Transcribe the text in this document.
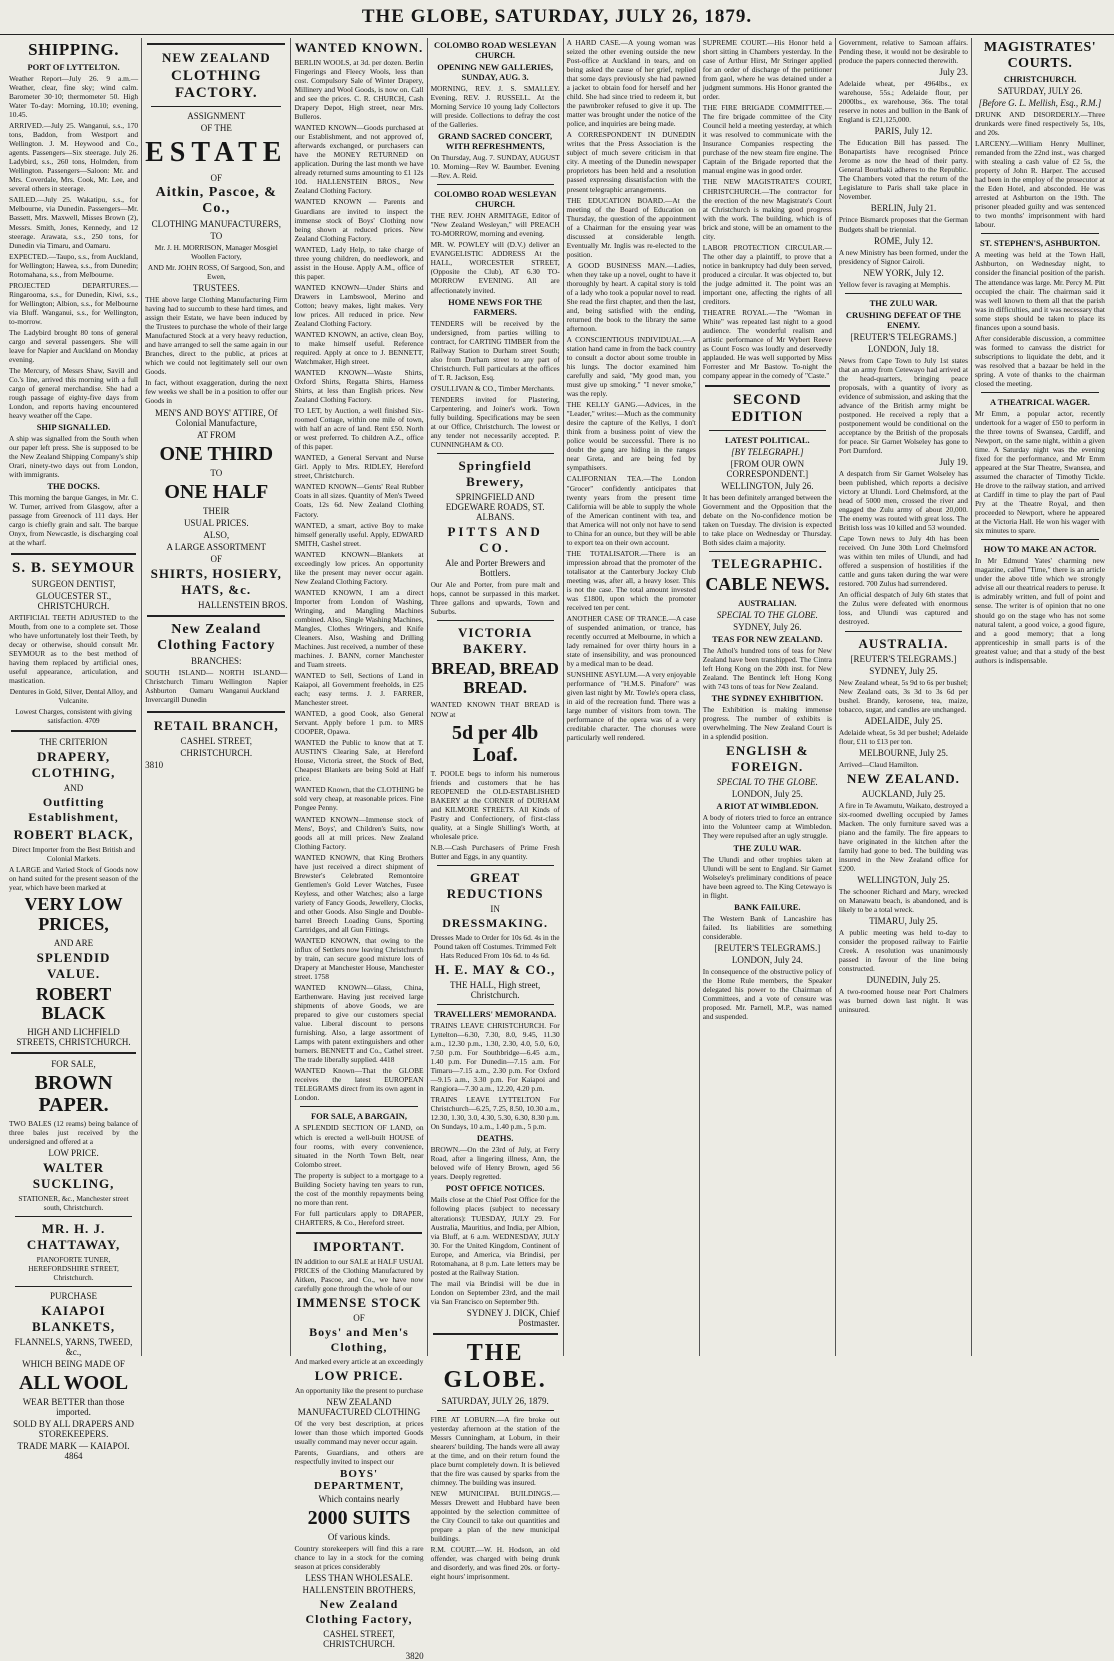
THE GLOBE, SATURDAY, JULY 26, 1879.
SHIPPING.
PORT OF LYTTELTON.

Weather Report—July 26. 9 a.m.—Weather, clear, fine sky; wind calm. Barometer 30·10; thermometer 50. High Water To-day: Morning, 10.10; evening, 10.45.

ARRIVED.—July 25. Wanganui, s.s., 170 tons, Baddon, from Westport and Wellington. J. M. Heywood and Co., agents. Passengers—Six steerage. July 26. Ladybird, s.s., 260 tons, Holmden, from Wellington. Passengers—Saloon: Mr. and Mrs. Coverdale, Mrs. Cook, Mr. Lee, and several others in steerage.

SAILED.—July 25. Wakatipu, s.s., for Melbourne, via Dunedin. Passengers—Mr. Bassett, Mrs. Maxwell, Misses Brown (2), Messrs. Smith, Jones, Kennedy, and 12 steerage. Arawata, s.s., 250 tons, for Dunedin via Timaru, and Oamaru.

EXPECTED.—Taupo, s.s., from Auckland, for Wellington; Hawea, s.s., from Dunedin; Rotomahana, s.s., from Melbourne.

PROJECTED DEPARTURES.—Ringarooma, s.s., for Dunedin, Kiwi, s.s., for Wellington; Albion, s.s., for Melbourne via Bluff. Wanganui, s.s., for Wellington, to-morrow.

The Ladybird brought 80 tons of general cargo and several passengers. She will leave for Napier and Auckland on Monday evening.

The Mercury, of Messrs Shaw, Savill and Co.'s line, arrived this morning with a full cargo of general merchandise. She had a rough passage of eighty-five days from London, and reports having encountered heavy weather off the Cape.

SHIP SIGNALLED.

A ship was signalled from the South when our paper left press. She is supposed to be the New Zealand Shipping Company's ship Orari, ninety-two days out from London, with immigrants.

THE DOCKS.

This morning the barque Ganges, in Mr. C. W. Turner, arrived from Glasgow, after a passage from Greenock of 111 days. Her cargo is chiefly grain and salt. The barque Onyx, from Newcastle, is discharging coal at the wharf.

S. B. SEYMOUR
SURGEON DENTIST,
GLOUCESTER ST., CHRISTCHURCH.

ARTIFICIAL TEETH ADJUSTED to the Mouth, from one to a complete set. Those who have unfortunately lost their Teeth, by decay or otherwise, should consult Mr. SEYMOUR as to the best method of having them replaced by artificial ones, useful appearance, articulation, and mastication.

Dentures in Gold, Silver, Dental Alloy, and Vulcanite.

Lowest Charges, consistent with giving satisfaction. 4709

THE CRITERION
DRAPERY, CLOTHING,
AND
Outfitting Establishment,
ROBERT BLACK,

Direct Importer from the Best British and Colonial Markets.

A LARGE and Varied Stock of Goods now on hand suited for the present season of the year, which have been marked at

VERY LOW PRICES,
AND ARE
SPLENDID VALUE.
ROBERT BLACK
HIGH AND LICHFIELD STREETS, CHRISTCHURCH.
FOR SALE,
BROWN PAPER.

TWO BALES (12 reams) being balance of three bales just received by the undersigned and offered at a

LOW PRICE.
WALTER SUCKLING,

STATIONER, &c., Manchester street south, Christchurch.

MR. H. J. CHATTAWAY,

PIANOFORTE TUNER, HEREFORDSHIRE STREET, Christchurch.

PURCHASE
KAIAPOI BLANKETS,
FLANNELS, YARNS, TWEED, &c.,
WHICH BEING MADE OF
ALL WOOL
WEAR BETTER than those imported.
SOLD BY ALL DRAPERS AND STOREKEEPERS.
TRADE MARK — KAIAPOI. 4864
NEW ZEALAND
CLOTHING FACTORY.
ASSIGNMENT
OF THE
ESTATE
OF
Aitkin, Pascoe, & Co.,
CLOTHING MANUFACTURERS,
TO

Mr. J. H. MORRISON, Manager Mosgiel Woollen Factory,

AND Mr. JOHN ROSS, Of Sargood, Son, and Ewen,

TRUSTEES.

THE above large Clothing Manufacturing Firm having had to succumb to these hard times, and assign their Estate, we have been induced by the Trustees to purchase the whole of their large Manufactured Stock at a very heavy reduction, and have arranged to sell the same again in our Branches, direct to the public, at prices at which we could not legitimately sell our own Goods.

In fact, without exaggeration, during the next few weeks we shall be in a position to offer our Goods in

MEN'S AND BOYS' ATTIRE, Of Colonial Manufacture,
AT FROM
ONE THIRD
TO
ONE HALF
THEIR
USUAL PRICES.
ALSO,
A LARGE ASSORTMENT
OF
SHIRTS, HOSIERY, HATS, &c.
HALLENSTEIN BROS.
New Zealand Clothing Factory
BRANCHES:

SOUTH ISLAND— Christchurch Timaru Ashburton Oamaru Invercargill Dunedin

NORTH ISLAND— Wellington Napier Wanganui Auckland

RETAIL BRANCH,
CASHEL STREET,
CHRISTCHURCH.
3810
WANTED KNOWN.

BERLIN WOOLS, at 3d. per dozen. Berlin Fingerings and Fleecy Wools, less than cost. Compulsory Sale of Winter Drapery, Millinery and Wool Goods, is now on. Call and see the prices. C. R. CHURCH, Cash Drapery Depot, High street, near Mrs. Bulleros.

WANTED KNOWN—Goods purchased at our Establishment, and not approved of, afterwards exchanged, or purchasers can have the MONEY RETURNED on application. During the last month we have already returned sums amounting to £1 12s 10d. HALLENSTEIN BROS., New Zealand Clothing Factory.

WANTED KNOWN — Parents and Guardians are invited to inspect the immense stock of Boys' Clothing now being shown at reduced prices. New Zealand Clothing Factory.

WANTED, Lady Help, to take charge of three young children, do needlework, and assist in the House. Apply A.M., office of this paper.

WANTED KNOWN—Under Shirts and Drawers in Lambswool, Merino and Cotton; heavy makes, light makes. Very low prices. All reduced in price. New Zealand Clothing Factory.

WANTED KNOWN, an active, clean Boy, to make himself useful. Reference required. Apply at once to J. BENNETT, Watchmaker, High street.

WANTED KNOWN—Waste Shirts, Oxford Shirts, Regatta Shirts, Harness Shirts, at less than English prices. New Zealand Clothing Factory.

TO LET, by Auction, a well finished Six-roomed Cottage, within one mile of town, with half an acre of land. Rent £50. North or west preferred. To children A.Z., office of this paper.

WANTED, a General Servant and Nurse Girl. Apply to Mrs. RIDLEY, Hereford street, Christchurch.

WANTED KNOWN—Gents' Real Rubber Coats in all sizes. Quantity of Men's Tweed Coats, 12s 6d. New Zealand Clothing Factory.

WANTED, a smart, active Boy to make himself generally useful. Apply, EDWARD SMITH, Cashel street.

WANTED KNOWN—Blankets at exceedingly low prices. An opportunity like the present may never occur again. New Zealand Clothing Factory.

WANTED KNOWN, I am a direct Importer from London of Washing, Wringing, and Mangling Machines combined. Also, Single Washing Machines, Mangles, Clothes Wringers, and Knife Cleaners. Also, Washing and Drilling Machines. Just received, a number of these machines. J. BANN, corner Manchester and Tuam streets.

WANTED to Sell, Sections of Land in Kaiapoi, all Government freeholds, in £25 each; easy terms. J. J. FARRER, Manchester street.

WANTED, a good Cook, also General Servant. Apply before 1 p.m. to MRS COOPER, Opawa.

WANTED the Public to know that at T. AUSTIN'S Clearing Sale, at Hereford House, Victoria street, the Stock of Bed, Cheapest Blankets are being Sold at Half price.

WANTED Known, that the CLOTHING be sold very cheap, at reasonable prices. Fine Pongee Penny.

WANTED KNOWN—Immense stock of Mens', Boys', and Children's Suits, now goods all at mill prices. New Zealand Clothing Factory.

WANTED KNOWN, that King Brothers have just received a direct shipment of Brewster's Celebrated Remontoire Gentlemen's Gold Lever Watches, Fusee Keyless, and other Watches; also a large variety of Fancy Goods, Jewellery, Clocks, and other Goods. Also Single and Double-barrel Breech Loading Guns, Sporting Cartridges, and all Gun Fittings.

WANTED KNOWN, that owing to the influx of Settlers now leaving Christchurch by train, can secure good mixture lots of Drapery at Manchester House, Manchester street. 1758

WANTED KNOWN—Glass, China, Earthenware. Having just received large shipments of above Goods, we are prepared to give our customers special value. Liberal discount to persons furnishing. Also, a large assortment of Lamps with patent extinguishers and other burners. BENNETT and Co., Cathel street. The trade liberally supplied. 4418

WANTED Known—That the GLOBE receives the latest EUROPEAN TELEGRAMS direct from its own agent in London.

FOR SALE, A BARGAIN,

A SPLENDID SECTION OF LAND, on which is erected a well-built HOUSE of four rooms, with every convenience, situated in the North Town Belt, near Colombo street.

The property is subject to a mortgage to a Building Society having ten years to run, the cost of the monthly repayments being no more than rent.

For full particulars apply to DRAPER, CHARTERS, & Co., Hereford street.

IMPORTANT.

IN addition to our SALE at HALF USUAL PRICES of the Clothing Manufactured by Aitken, Pascoe, and Co., we have now carefully gone through the whole of our

IMMENSE STOCK
OF
Boys' and Men's Clothing,

And marked every article at an exceedingly

LOW PRICE.

An opportunity like the present to purchase

NEW ZEALAND MANUFACTURED CLOTHING

Of the very best description, at prices lower than those which imported Goods usually command may never occur again.

Parents, Guardians, and others are respectfully invited to inspect our

BOYS' DEPARTMENT,
Which contains nearly
2000 SUITS
Of various kinds.

Country storekeepers will find this a rare chance to lay in a stock for the coming season at prices considerably

LESS THAN WHOLESALE.
HALLENSTEIN BROTHERS,
New Zealand Clothing Factory,
CASHEL STREET, CHRISTCHURCH.
3820
COLOMBO ROAD WESLEYAN CHURCH.
OPENING NEW GALLERIES, SUNDAY, AUG. 3.

MORNING, REV. J. S. SMALLEY. Evening, REV. J. RUSSELL. At the Morning Service 10 young lady Collectors will preside. Collections to defray the cost of the Galleries.

GRAND SACRED CONCERT, WITH REFRESHMENTS,

On Thursday, Aug. 7. SUNDAY, AUGUST 10. Morning—Rev W. Baumber. Evening—Rev. A. Reid.

COLOMBO ROAD WESLEYAN CHURCH.

THE REV. JOHN ARMITAGE, Editor of "New Zealand Wesleyan," will PREACH TO-MORROW, morning and evening.

MR. W. POWLEY will (D.V.) deliver an EVANGELISTIC ADDRESS At the HALL, WORCESTER STREET, (Opposite the Club), AT 6.30 TO-MORROW EVENING. All are affectionately invited.

HOME NEWS FOR THE FARMERS.

TENDERS will be received by the undersigned, from parties willing to contract, for CARTING TIMBER from the Railway Station to Durham street South; also from Durham street to any part of Christchurch. Full particulars at the offices of T. R. Jackson, Esq.

O'SULLIVAN & CO., Timber Merchants.

TENDERS invited for Plastering, Carpentering, and Joiner's work. Town fully building. Specifications may be seen at our Office, Christchurch. The lowest or any tender not necessarily accepted. P. CUNNINGHAM & CO.

Springfield Brewery,
SPRINGFIELD AND EDGEWARE ROADS, ST. ALBANS.
PITTS AND CO.
Ale and Porter Brewers and Bottlers.

Our Ale and Porter, from pure malt and hops, cannot be surpassed in this market. Three gallons and upwards, Town and Suburbs.

VICTORIA BAKERY.
BREAD, BREAD BREAD.

WANTED KNOWN THAT BREAD is NOW at

5d per 4lb Loaf.

T. POOLE begs to inform his numerous friends and customers that he has REOPENED the OLD-ESTABLISHED BAKERY at the CORNER of DURHAM and KILMORE STREETS. All Kinds of Pastry and Confectionery, of first-class quality, at a Single Shilling's Worth, at wholesale price.

N.B.—Cash Purchasers of Prime Fresh Butter and Eggs, in any quantity.

GREAT REDUCTIONS
IN
DRESSMAKING.

Dresses Made to Order for 10s 6d. 4s in the Pound taken off Costumes. Trimmed Felt Hats Reduced From 10s 6d. to 4s 6d.

H. E. MAY & CO.,
THE HALL, High street, Christchurch.
TRAVELLERS' MEMORANDA.

TRAINS LEAVE CHRISTCHURCH. For Lyttelton—6.30, 7.30, 8.0, 9.45, 11.30 a.m., 12.30 p.m., 1.30, 2.30, 4.0, 5.0, 6.0, 7.50 p.m. For Southbridge—6.45 a.m., 1.40 p.m. For Dunedin—7.15 a.m. For Timaru—7.15 a.m., 2.30 p.m. For Oxford—9.15 a.m., 3.30 p.m. For Kaiapoi and Rangiora—7.30 a.m., 12.20, 4.20 p.m.

TRAINS LEAVE LYTTELTON For Christchurch—6.25, 7.25, 8.50, 10.30 a.m., 12.30, 1.30, 3.0, 4.30, 5.30, 6.30, 8.30 p.m. On Sundays, 10 a.m., 1.40 p.m., 5 p.m.

DEATHS.

BROWN.—On the 23rd of July, at Ferry Road, after a lingering illness, Ann, the beloved wife of Henry Brown, aged 56 years. Deeply regretted.

POST OFFICE NOTICES.

Mails close at the Chief Post Office for the following places (subject to necessary alterations): TUESDAY, JULY 29. For Australia, Mauritius, and India, per Albion, via Bluff, at 6 a.m. WEDNESDAY, JULY 30. For the United Kingdom, Continent of Europe, and America, via Brindisi, per Rotomahana, at 8 p.m. Late letters may be posted at the Railway Station.

The mail via Brindisi will be due in London on September 23rd, and the mail via San Francisco on September 9th.

SYDNEY J. DICK, Chief Postmaster.
THE GLOBE.
SATURDAY, JULY 26, 1879.

FIRE AT LOBURN.—A fire broke out yesterday afternoon at the station of the Messrs Cunningham, at Loburn, in their shearers' building. The hands were all away at the time, and on their return found the place burnt completely down. It is believed that the fire was caused by sparks from the chimney. The building was insured.

NEW MUNICIPAL BUILDINGS.—Messrs Drewett and Hubbard have been appointed by the selection committee of the City Council to take out quantities and prepare a plan of the new municipal buildings.

R.M. COURT.—W. H. Hodson, an old offender, was charged with being drunk and disorderly, and was fined 20s. or forty-eight hours' imprisonment.

A HARD CASE.—A young woman was seized the other evening outside the new Post-office at Auckland in tears, and on being asked the cause of her grief, replied that some days previously she had pawned a jacket to obtain food for herself and her child. She had since tried to redeem it, but the pawnbroker refused to give it up. The matter was brought under the notice of the police, and inquiries are being made.

A CORRESPONDENT IN DUNEDIN writes that the Press Association is the subject of much severe criticism in that city. A meeting of the Dunedin newspaper proprietors has been held and a resolution passed expressing dissatisfaction with the present telegraphic arrangements.

THE EDUCATION BOARD.—At the meeting of the Board of Education on Thursday, the question of the appointment of a Chairman for the ensuing year was discussed at considerable length. Eventually Mr. Inglis was re-elected to the position.

A GOOD BUSINESS MAN.—Ladies, when they take up a novel, ought to have it thoroughly by heart. A capital story is told of a lady who took a popular novel to read. She read the first chapter, and then the last, and, being satisfied with the ending, returned the book to the library the same afternoon.

A CONSCIENTIOUS INDIVIDUAL.—A station hand came in from the back country to consult a doctor about some trouble in his lungs. The doctor examined him carefully and said, "My good man, you must give up smoking." "I never smoke," was the reply.

THE KELLY GANG.—Advices, in the "Leader," writes:—Much as the community desire the capture of the Kellys, I don't think from a business point of view the police would be successful. There is no doubt the gang are hiding in the ranges near Greta, and are being fed by sympathisers.

CALIFORNIAN TEA.—The London "Grocer" confidently anticipates that twenty years from the present time California will be able to supply the whole of the American continent with tea, and that America will not only not have to send to China for an ounce, but they will be able to export tea on their own account.

THE TOTALISATOR.—There is an impression abroad that the promoter of the totalisator at the Canterbury Jockey Club meeting was, after all, a heavy loser. This is not the case. The total amount invested was £1800, upon which the promoter received ten per cent.

ANOTHER CASE OF TRANCE.—A case of suspended animation, or trance, has recently occurred at Melbourne, in which a lady remained for over thirty hours in a state of insensibility, and was pronounced by a medical man to be dead.

SUNSHINE ASYLUM.—A very enjoyable performance of "H.M.S. Pinafore" was given last night by Mr. Towle's opera class, in aid of the recreation fund. There was a large number of visitors from town. The performance of the opera was of a very creditable character. The choruses were particularly well rendered.

SUPREME COURT.—His Honor held a short sitting in Chambers yesterday. In the case of Arthur Hirst, Mr Stringer applied for an order of discharge of the petitioner from gaol, where he was detained under a judgment summons. His Honor granted the order.

THE FIRE BRIGADE COMMITTEE.—The fire brigade committee of the City Council held a meeting yesterday, at which it was resolved to communicate with the Insurance Companies respecting the purchase of the new steam fire engine. The Captain of the Brigade reported that the manual engine was in good order.

THE NEW MAGISTRATE'S COURT, CHRISTCHURCH.—The contractor for the erection of the new Magistrate's Court at Christchurch is making good progress with the work. The building, which is of brick and stone, will be an ornament to the city.

LABOR PROTECTION CIRCULAR.—The other day a plaintiff, to prove that a notice in bankruptcy had duly been served, produced a circular. It was objected to, but the judge admitted it. The point was an important one, affecting the rights of all creditors.

THEATRE ROYAL.—The "Woman in White" was repeated last night to a good audience. The wonderful realism and artistic performance of Mr Wybert Reeve as Count Fosco was loudly and deservedly applauded. He was well supported by Miss Forrester and Mr Bastow. To-night the company appear in the comedy of "Caste."

SECOND EDITION
LATEST POLITICAL.
[BY TELEGRAPH.]
[FROM OUR OWN CORRESPONDENT.]
WELLINGTON, July 26.

It has been definitely arranged between the Government and the Opposition that the debate on the No-confidence motion be taken on Tuesday. The division is expected to take place on Wednesday or Thursday. Both sides claim a majority.

TELEGRAPHIC.
CABLE NEWS.
AUSTRALIAN.
SPECIAL TO THE GLOBE.
SYDNEY, July 26.
TEAS FOR NEW ZEALAND.

The Athol's hundred tons of teas for New Zealand have been transhipped. The Cintra left Hong Kong on the 20th inst. for New Zealand. The Bentinck left Hong Kong with 743 tons of teas for New Zealand.

THE SYDNEY EXHIBITION.

The Exhibition is making immense progress. The number of exhibits is overwhelming. The New Zealand Court is in a splendid position.

ENGLISH & FOREIGN.
SPECIAL TO THE GLOBE.
LONDON, July 25.
A RIOT AT WIMBLEDON.

A body of rioters tried to force an entrance into the Volunteer camp at Wimbledon. They were repulsed after an ugly struggle.

THE ZULU WAR.

The Ulundi and other trophies taken at Ulundi will be sent to England. Sir Garnet Wolseley's preliminary conditions of peace have been agreed to. The King Cetewayo is in flight.

BANK FAILURE.

The Western Bank of Lancashire has failed. Its liabilities are something considerable.

[REUTER'S TELEGRAMS.]
LONDON, July 24.

In consequence of the obstructive policy of the Home Rule members, the Speaker delegated his power to the Chairman of Committees, and a vote of censure was proposed. Mr. Parnell, M.P., was named and suspended.

Government, relative to Samoan affairs. Pending these, it would not be desirable to produce the papers connected therewith.

July 23.

Adelaide wheat, per 4964lbs., ex warehouse, 55s.; Adelaide flour, per 2000lbs., ex warehouse, 36s. The total reserve in notes and bullion in the Bank of England is £21,125,000.

PARIS, July 12.

The Education Bill has passed. The Bonapartists have recognised Prince Jerome as now the head of their party. General Bourbaki adheres to the Republic. The Chambers voted that the return of the Legislature to Paris shall take place in November.

BERLIN, July 21.

Prince Bismarck proposes that the German Budgets shall be triennial.

ROME, July 12.

A new Ministry has been formed, under the presidency of Signor Cairoli.

NEW YORK, July 12.

Yellow fever is ravaging at Memphis.

THE ZULU WAR.
CRUSHING DEFEAT OF THE ENEMY.
[REUTER'S TELEGRAMS.]
LONDON, July 18.

News from Cape Town to July 1st states that an army from Cetewayo had arrived at the head-quarters, bringing peace proposals, with a quantity of ivory as evidence of submission, and asking that the advance of the British army might be postponed. He received a reply that a postponement would be conditional on the acceptance by the British of the proposals for peace. Sir Garnet Wolseley has gone to Port Durnford.

July 19.

A despatch from Sir Garnet Wolseley has been published, which reports a decisive victory at Ulundi. Lord Chelmsford, at the head of 5000 men, crossed the river and engaged the Zulu army of about 20,000. The enemy was routed with great loss. The British loss was 10 killed and 53 wounded.

Cape Town news to July 4th has been received. On June 30th Lord Chelmsford was within ten miles of Ulundi, and had offered a suspension of hostilities if the cattle and guns taken during the war were restored. 700 Zulus had surrendered.

An official despatch of July 6th states that the Zulus were defeated with enormous loss, and Ulundi was captured and destroyed.

AUSTRALIA.
[REUTER'S TELEGRAMS.]
SYDNEY, July 25.

New Zealand wheat, 5s 9d to 6s per bushel; New Zealand oats, 3s 3d to 3s 6d per bushel. Brandy, kerosene, tea, maize, tobacco, sugar, and candles are unchanged.

ADELAIDE, July 25.

Adelaide wheat, 5s 3d per bushel; Adelaide flour, £11 to £13 per ton.

MELBOURNE, July 25.

Arrived—Claud Hamilton.

NEW ZEALAND.
AUCKLAND, July 25.

A fire in Te Awamutu, Waikato, destroyed a six-roomed dwelling occupied by James Macken. The only furniture saved was a piano and the family. The fire appears to have originated in the kitchen after the family had gone to bed. The building was insured in the New Zealand office for £200.

WELLINGTON, July 25.

The schooner Richard and Mary, wrecked on Manawatu beach, is abandoned, and is likely to be a total wreck.

TIMARU, July 25.

A public meeting was held to-day to consider the proposed railway to Fairlie Creek. A resolution was unanimously passed in favour of the line being constructed.

DUNEDIN, July 25.

A two-roomed house near Port Chalmers was burned down last night. It was uninsured.

MAGISTRATES' COURTS.
CHRISTCHURCH.
SATURDAY, JULY 26.
[Before G. L. Mellish, Esq., R.M.]

DRUNK AND DISORDERLY.—Three drunkards were fined respectively 5s, 10s, and 20s.

LARCENY.—William Henry Mulliner, remanded from the 22nd inst., was charged with stealing a cash value of £2 5s, the property of John R. Harper. The accused had been in the employ of the prosecutor at the Eden Hotel, and absconded. He was arrested at Ashburton on the 19th. The prisoner pleaded guilty and was sentenced to two months' imprisonment with hard labour.

ST. STEPHEN'S, ASHBURTON.

A meeting was held at the Town Hall, Ashburton, on Wednesday night, to consider the financial position of the parish. The attendance was large. Mr. Percy M. Pitt occupied the chair. The chairman said it was well known to them all that the parish was in difficulties, and it was necessary that some steps should be taken to place its finances upon a sound basis.

After considerable discussion, a committee was formed to canvass the district for subscriptions to liquidate the debt, and it was resolved that a bazaar be held in the spring. A vote of thanks to the chairman closed the meeting.

A THEATRICAL WAGER.

Mr Emm, a popular actor, recently undertook for a wager of £50 to perform in the three towns of Swansea, Cardiff, and Newport, on the same night, within a given time. A Saturday night was the evening fixed for the performance, and Mr Emm appeared at the Star Theatre, Swansea, and assumed the character of Timothy Tickle. He drove to the railway station, and arrived at Cardiff in time to play the part of Paul Pry at the Theatre Royal, and then proceeded to Newport, where he appeared at the Victoria Hall. He won his wager with six minutes to spare.

HOW TO MAKE AN ACTOR.

In Mr Edmund Yates' charming new magazine, called "Time," there is an article under the above title which we strongly advise all our theatrical readers to peruse. It is admirably written, and full of point and sense. The writer is of opinion that no one should go on the stage who has not some natural talent, a good voice, a good figure, and a good memory; that a long apprenticeship in small parts is of the greatest value; and that a study of the best authors is indispensable.
